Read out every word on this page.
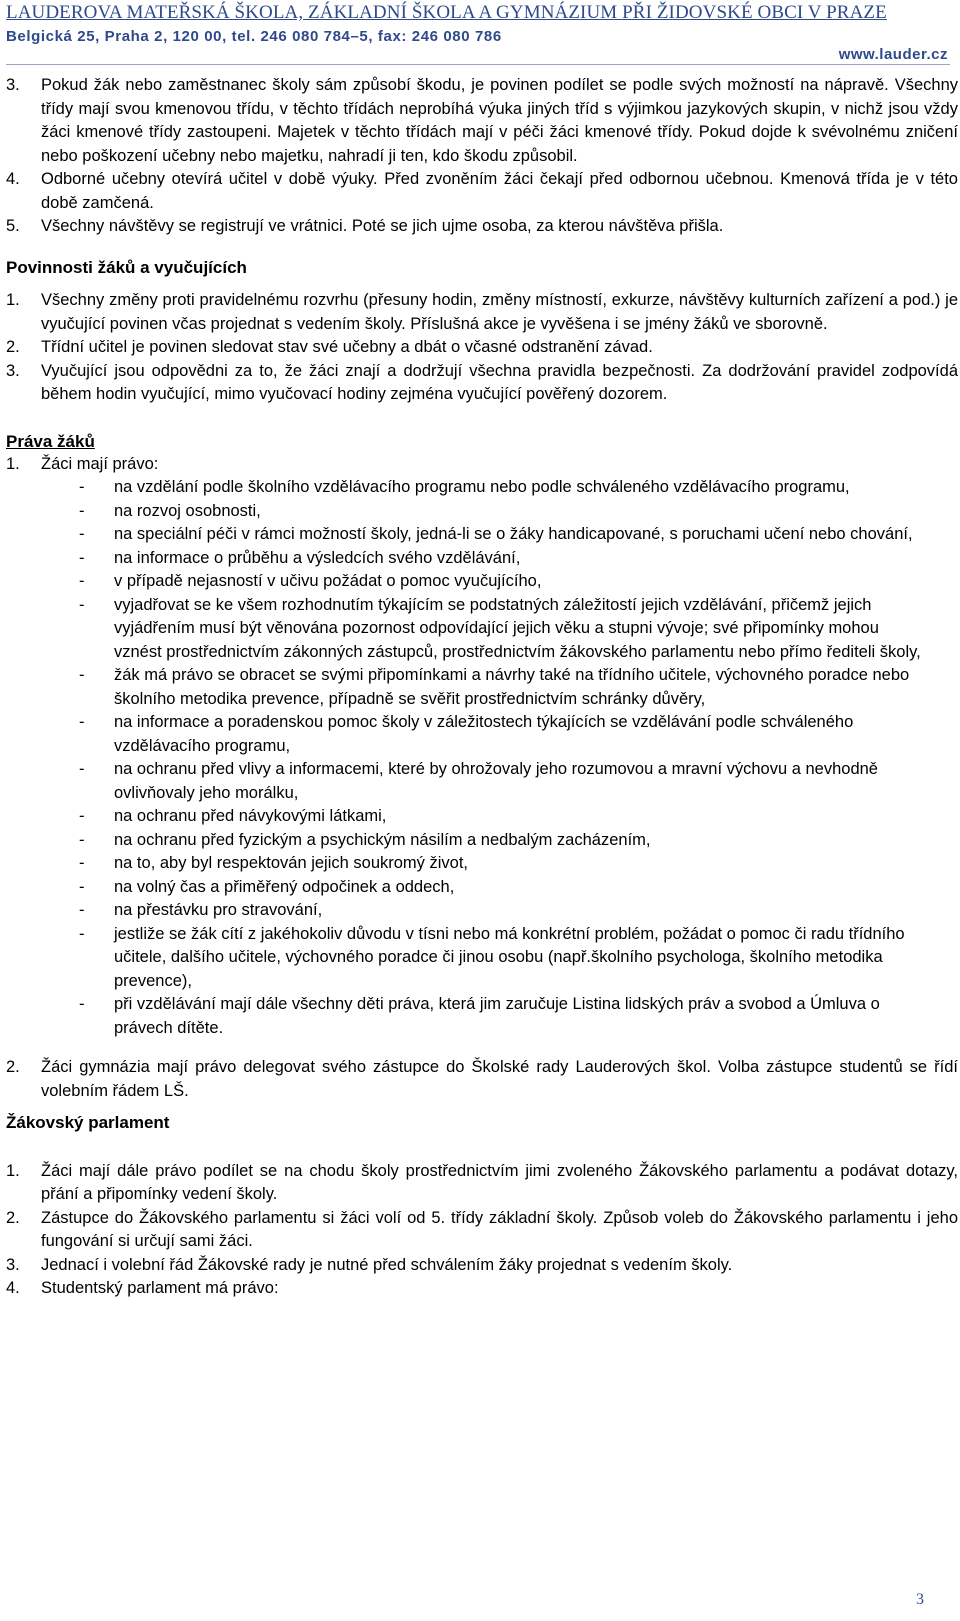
LAUDEROVA MATEŘSKÁ ŠKOLA, ZÁKLADNÍ ŠKOLA A GYMNÁZIUM PŘI ŽIDOVSKÉ OBCI V PRAZE
Belgická 25, Praha 2, 120 00, tel. 246 080 784–5, fax: 246 080 786
www.lauder.cz
3. Pokud žák nebo zaměstnanec školy sám způsobí škodu, je povinen podílet se podle svých možností na nápravě. Všechny třídy mají svou kmenovou třídu, v těchto třídách neprobíhá výuka jiných tříd s výjimkou jazykových skupin, v nichž jsou vždy žáci kmenové třídy zastoupeni. Majetek v těchto třídách mají v péči žáci kmenové třídy. Pokud dojde k svévolnému zničení nebo poškození učebny nebo majetku, nahradí ji ten, kdo škodu způsobil.
4. Odborné učebny otevírá učitel v době výuky. Před zvoněním žáci čekají před odbornou učebnou. Kmenová třída je v této době zamčená.
5. Všechny návštěvy se registrují ve vrátnici. Poté se jich ujme osoba, za kterou návštěva přišla.
Povinnosti žáků a vyučujících
1. Všechny změny proti pravidelnému rozvrhu (přesuny hodin, změny místností, exkurze, návštěvy kulturních zařízení a pod.) je vyučující povinen včas projednat s vedením školy. Příslušná akce je vyvěšena i se jmény žáků ve sborovně.
2. Třídní učitel je povinen sledovat stav své učebny a dbát o včasné odstranění závad.
3. Vyučující jsou odpovědni za to, že žáci znají a dodržují všechna pravidla bezpečnosti. Za dodržování pravidel zodpovídá během hodin vyučující, mimo vyučovací hodiny zejména vyučující pověřený dozorem.
Práva žáků
1. Žáci mají právo:
- na vzdělání podle školního vzdělávacího programu nebo podle schváleného vzdělávacího programu,
- na rozvoj osobnosti,
- na speciální péči v rámci možností školy, jedná-li se o žáky handicapované, s poruchami učení nebo chování,
- na informace o průběhu a výsledcích svého vzdělávání,
- v případě nejasností v učivu požádat o pomoc vyučujícího,
- vyjadřovat se ke všem rozhodnutím týkajícím se podstatných záležitostí jejich vzdělávání, přičemž jejich vyjádřením musí být věnována pozornost odpovídající jejich věku a stupni vývoje; své připomínky mohou vznést prostřednictvím zákonných zástupců, prostřednictvím žákovského parlamentu nebo přímo řediteli školy,
- žák má právo se obracet se svými připomínkami a návrhy také na třídního učitele, výchovného poradce nebo školního metodika prevence, případně se svěřit prostřednictvím schránky důvěry,
- na informace a poradenskou pomoc školy v záležitostech týkajících se vzdělávání podle schváleného vzdělávacího programu,
- na ochranu před vlivy a informacemi, které by ohrožovaly jeho rozumovou a mravní výchovu a nevhodně ovlivňovaly jeho morálku,
- na ochranu před návykovými látkami,
- na ochranu před fyzickým a psychickým násilím a nedbalým zacházením,
- na to, aby byl respektován jejich soukromý život,
- na volný čas a přiměřený odpočinek a oddech,
- na přestávku pro stravování,
- jestliže se žák cítí z jakéhokoliv důvodu v tísni nebo má konkrétní problém, požádat o pomoc či radu třídního učitele, dalšího učitele, výchovného poradce či jinou osobu (např.školního psychologa, školního metodika prevence),
- při vzdělávání mají dále všechny děti práva, která jim zaručuje Listina lidských práv a svobod a Úmluva o právech dítěte.
2. Žáci gymnázia mají právo delegovat svého zástupce do Školské rady Lauderových škol. Volba zástupce studentů se řídí volebním řádem LŠ.
Žákovský parlament
1. Žáci mají dále právo podílet se na chodu školy prostřednictvím jimi zvoleného Žákovského parlamentu a podávat dotazy, přání a připomínky vedení školy.
2. Zástupce do Žákovského parlamentu si žáci volí od 5. třídy základní školy. Způsob voleb do Žákovského parlamentu i jeho fungování si určují sami žáci.
3. Jednací i volební řád Žákovské rady je nutné před schválením žáky projednat s vedením školy.
4. Studentský parlament má právo:
3
